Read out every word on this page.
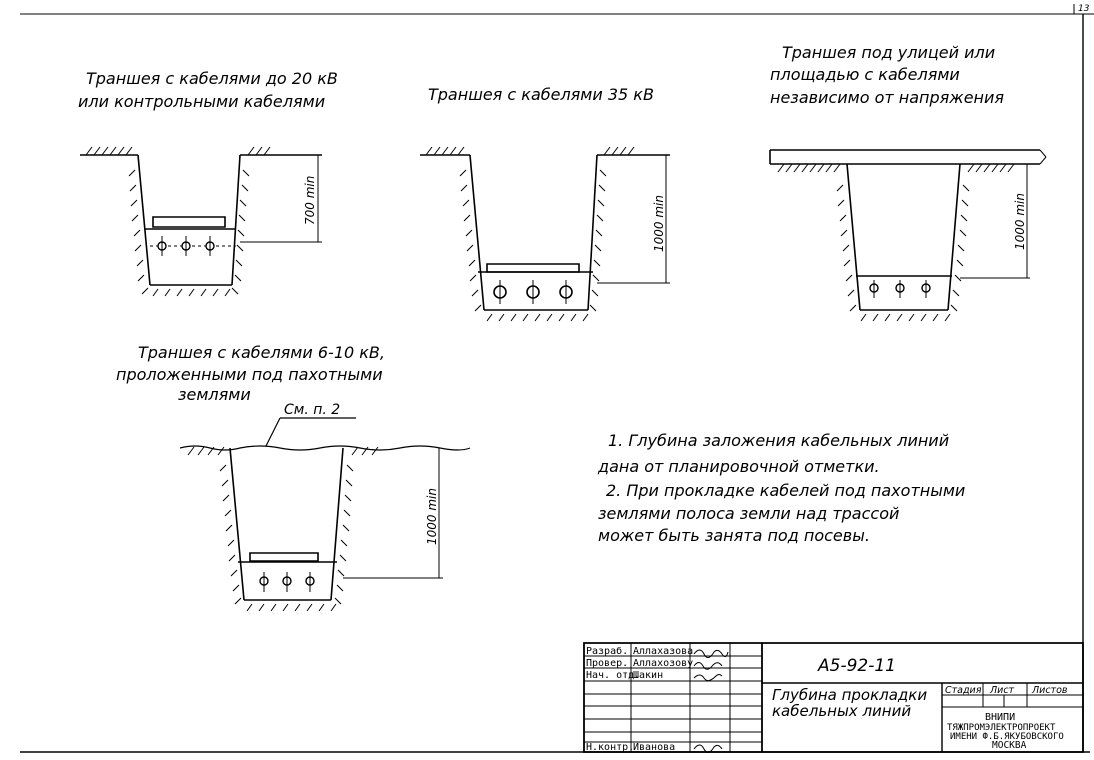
13
Траншея с кабелями до 20 кВ
или контрольными кабелями
700 min
Траншея с кабелями 35 кВ
1000 min
Траншея под улицей или
площадью с кабелями
независимо от напряжения
1000 min
Траншея с кабелями 6-10 кВ,
проложенными под пахотными
землями
См. п. 2
1000 min
1. Глубина заложения кабельных линий
дана от планировочной отметки.
2. При прокладке кабелей под пахотными
землями полоса земли над трассой
может быть занята под посевы.
Разраб. Аллахазова
Провер. Аллахозову
Нач. отд.
Шакин
Н.контр.
Иванова
А5-92-11
Глубина прокладки
кабельных линий
Стадия Лист Листов
ВНИПИ
ТЯЖПРОМЭЛЕКТРОПРОЕКТ
ИМЕНИ Ф.Б.ЯКУБОВСКОГО
МОСКВА
